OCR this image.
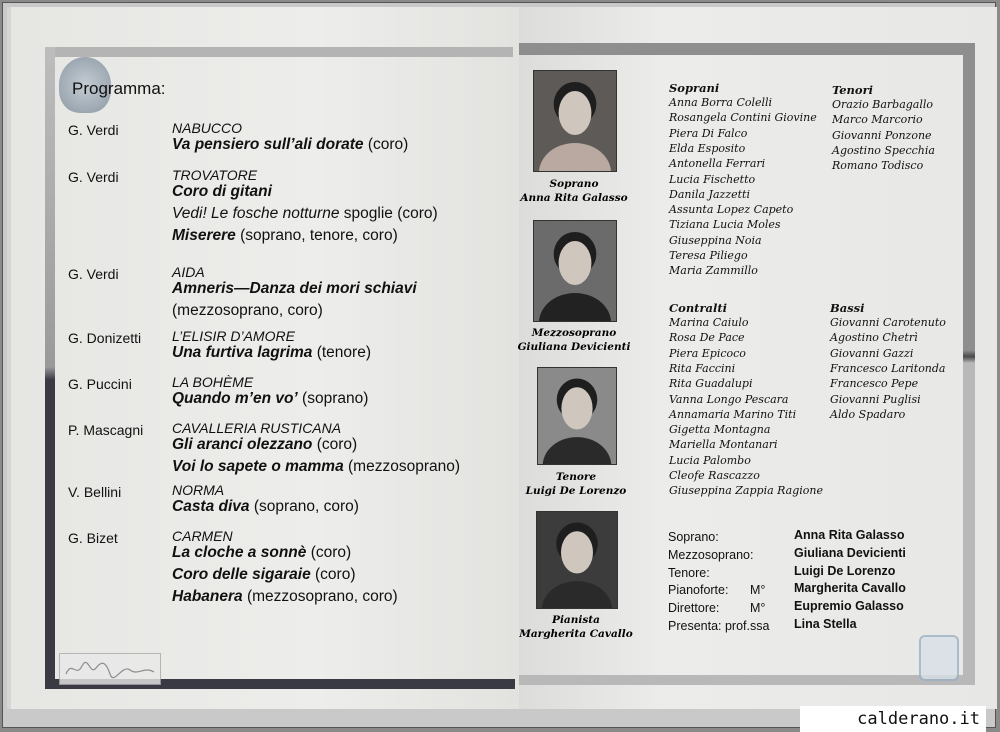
Programma:
G. Verdi	NABUCCO
Va pensiero sull’ali dorate (coro)
G. Verdi	TROVATORE
Coro di gitani
Vedi! Le fosche notturne spoglie (coro)
Miserere (soprano, tenore, coro)
G. Verdi	AIDA
Amneris—Danza dei mori schiavi
(mezzosoprano, coro)
G. Donizetti L’ELISIR D’AMORE
Una furtiva lagrima (tenore)
G. Puccini	LA BOHÈME
Quando m’en vo’ (soprano)
P. Mascagni CAVALLERIA RUSTICANA
Gli aranci olezzano (coro)
Voi lo sapete o mamma (mezzosoprano)
V. Bellini	NORMA
Casta diva (soprano, coro)
G. Bizet	CARMEN
La cloche a sonnè (coro)
Coro delle sigaraie (coro)
Habanera (mezzosoprano, coro)
Soprano
Anna Rita Galasso
Mezzosoprano
Giuliana Devicienti
Tenore
Luigi De Lorenzo
Pianista
Margherita Cavallo
Soprani
Anna Borra Colelli
Rosangela Contini Giovine
Piera Di Falco
Elda Esposito
Antonella Ferrari
Lucia Fischetto
Danila Jazzetti
Assunta Lopez Capeto
Tiziana Lucia Moles
Giuseppina Noia
Teresa Piliego
Maria Zammillo
Tenori
Orazio Barbagallo
Marco Marcorio
Giovanni Ponzone
Agostino Specchia
Romano Todisco
Contralti
Marina Caiulo
Rosa De Pace
Piera Epicoco
Rita Faccini
Rita Guadalupi
Vanna Longo Pescara
Annamaria Marino Titi
Gigetta Montagna
Mariella Montanari
Lucia Palombo
Cleofe Rascazzo
Giuseppina Zappia Ragione
Bassi
Giovanni Carotenuto
Agostino Chetrì
Giovanni Gazzi
Francesco Laritonda
Francesco Pepe
Giovanni Puglisi
Aldo Spadaro
Soprano:	Anna Rita Galasso
Mezzosoprano:	Giuliana Devicienti
Tenore:	Luigi De Lorenzo
Pianoforte: M° Margherita Cavallo
Direttore: M° Eupremio Galasso
Presenta: prof.ssa Lina Stella
calderano.it
